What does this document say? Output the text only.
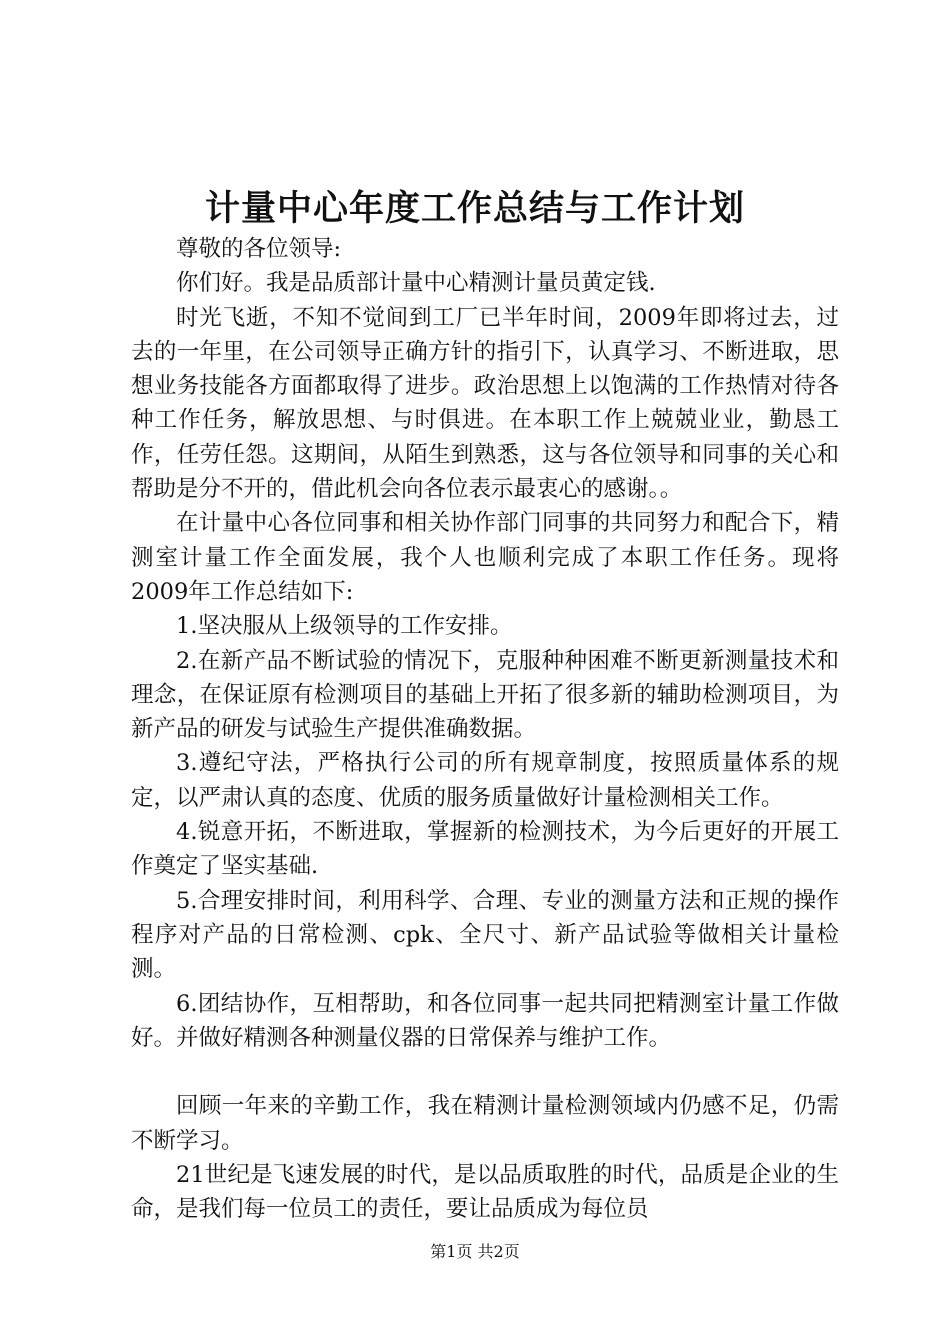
计量中心年度工作总结与工作计划

尊敬的各位领导:

你们好。我是品质部计量中心精测计量员黄定钱.

时光飞逝，不知不觉间到工厂已半年时间，2009年即将过去，过去的一年里，在公司领导正确方针的指引下，认真学习、不断进取，思想业务技能各方面都取得了进步。政治思想上以饱满的工作热情对待各种工作任务，解放思想、与时俱进。在本职工作上兢兢业业，勤恳工作，任劳任怨。这期间，从陌生到熟悉，这与各位领导和同事的关心和帮助是分不开的，借此机会向各位表示最衷心的感谢。。

在计量中心各位同事和相关协作部门同事的共同努力和配合下，精测室计量工作全面发展，我个人也顺利完成了本职工作任务。现将2009年工作总结如下:

1.坚决服从上级领导的工作安排。

2.在新产品不断试验的情况下，克服种种困难不断更新测量技术和理念，在保证原有检测项目的基础上开拓了很多新的辅助检测项目，为新产品的研发与试验生产提供准确数据。

3.遵纪守法，严格执行公司的所有规章制度，按照质量体系的规定，以严肃认真的态度、优质的服务质量做好计量检测相关工作。

4.锐意开拓，不断进取，掌握新的检测技术，为今后更好的开展工作奠定了坚实基础.

5.合理安排时间，利用科学、合理、专业的测量方法和正规的操作程序对产品的日常检测、cpk、全尺寸、新产品试验等做相关计量检测。

6.团结协作，互相帮助，和各位同事一起共同把精测室计量工作做好。并做好精测各种测量仪器的日常保养与维护工作。

回顾一年来的辛勤工作，我在精测计量检测领域内仍感不足，仍需不断学习。

21世纪是飞速发展的时代，是以品质取胜的时代，品质是企业的生命，是我们每一位员工的责任，要让品质成为每位员

第1页 共2页
